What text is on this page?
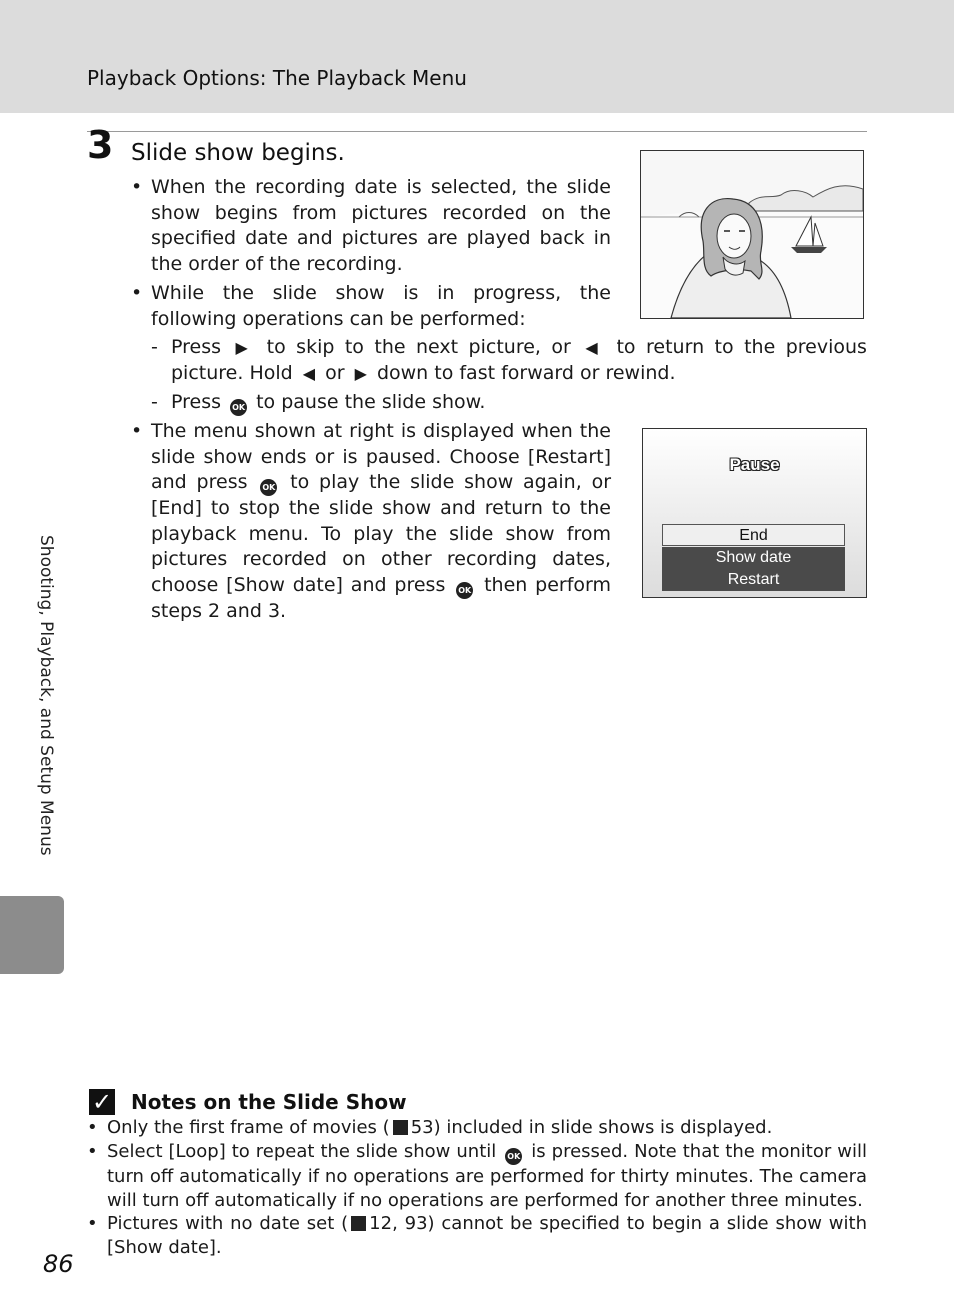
Playback Options: The Playback Menu
3 Slide show begins.
• When the recording date is selected, the slide show begins from pictures recorded on the specified date and pictures are played back in the order of the recording.
• While the slide show is in progress, the following operations can be performed:
- Press ▶ to skip to the next picture, or ◀ to return to the previous picture. Hold ◀ or ▶ down to fast forward or rewind.
- Press OK to pause the slide show.
• The menu shown at right is displayed when the slide show ends or is paused. Choose [Restart] and press OK to play the slide show again, or [End] to stop the slide show and return to the playback menu. To play the slide show from pictures recorded on other recording dates, choose [Show date] and press OK then perform steps 2 and 3.
Pause
End
Show date
Restart
Shooting, Playback, and Setup Menus
✓ Notes on the Slide Show
• Only the first frame of movies ( 53) included in slide shows is displayed.
• Select [Loop] to repeat the slide show until OK is pressed. Note that the monitor will turn off automatically if no operations are performed for thirty minutes. The camera will turn off automatically if no operations are performed for another three minutes.
• Pictures with no date set ( 12, 93) cannot be specified to begin a slide show with [Show date].
86
